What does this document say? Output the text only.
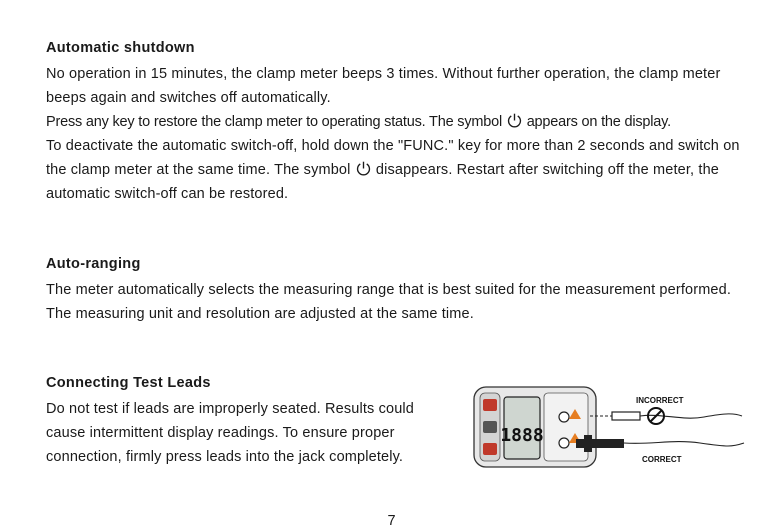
Automatic shutdown

No operation in 15 minutes, the clamp meter beeps 3 times. Without further operation, the clamp meter beeps again and switches off automatically.

Press any key to restore the clamp meter to operating status. The symbol appears on the display.

To deactivate the automatic switch-off, hold down the "FUNC." key for more than 2 seconds and switch on the clamp meter at the same time. The symbol disappears. Restart after switching off the meter, the automatic switch-off can be restored.

Auto-ranging

The meter automatically selects the measuring range that is best suited for the measurement performed. The measuring unit and resolution are adjusted at the same time.

Connecting Test Leads

Do not test if leads are improperly seated. Results could cause intermittent display readings. To ensure proper connection, firmly press leads into the jack completely.

1888
INCORRECT
CORRECT
7
